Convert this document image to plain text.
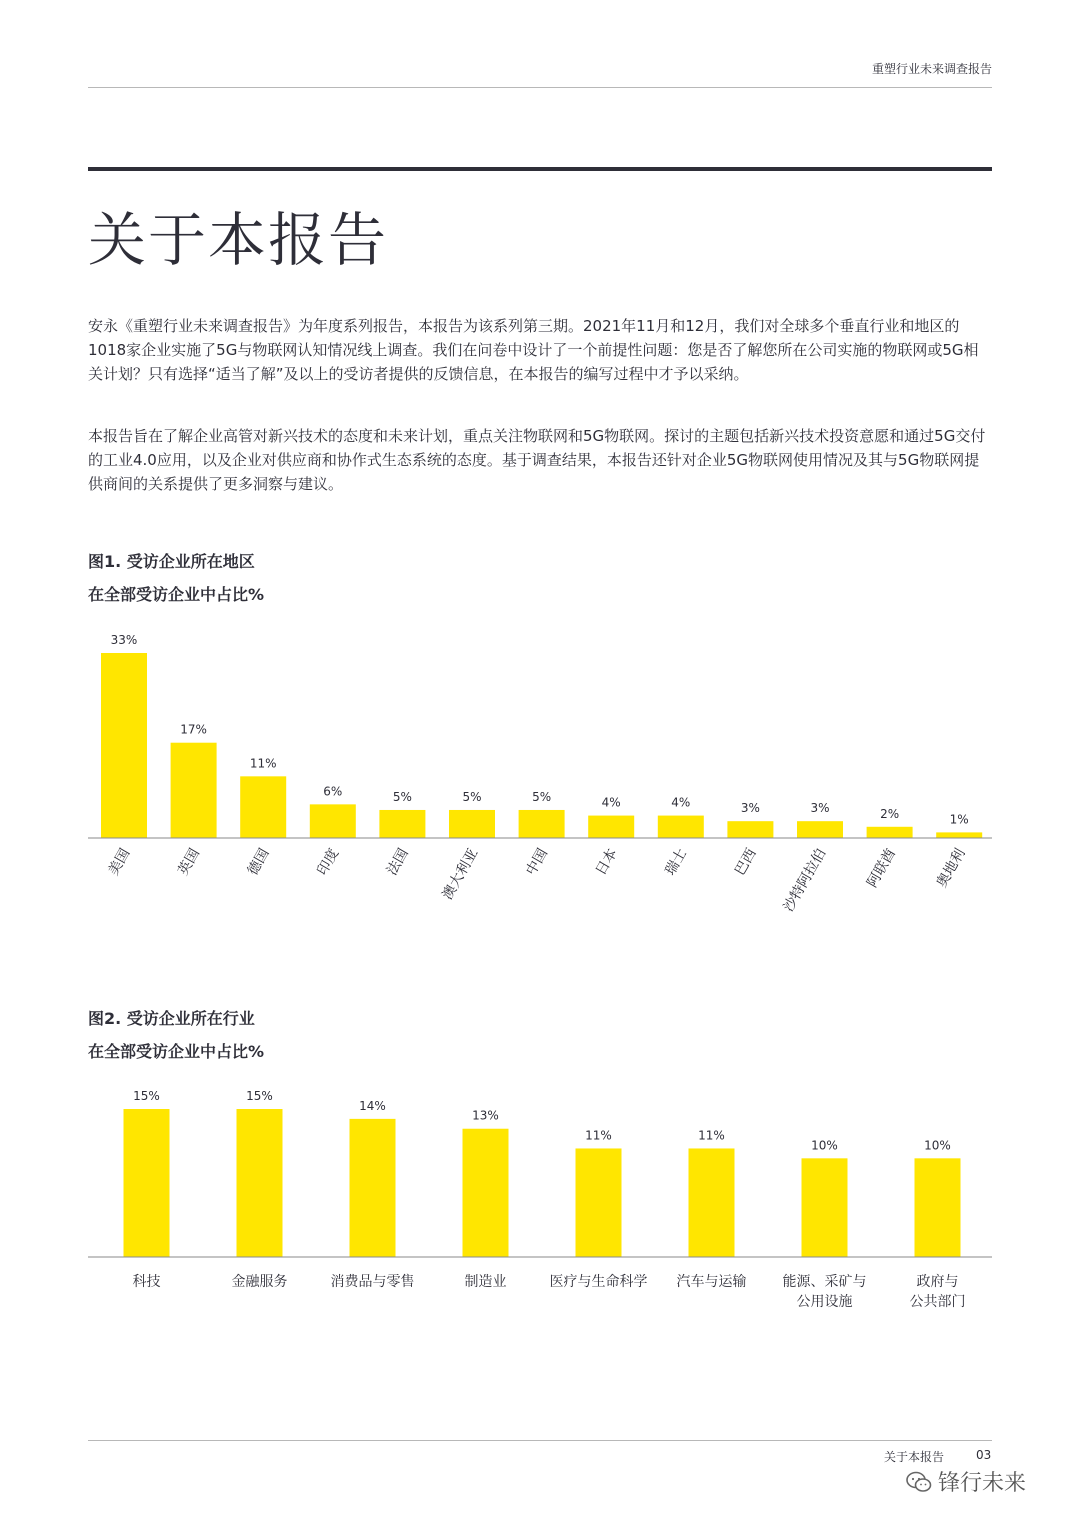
重塑行业未来调查报告
关于本报告

安永《重塑行业未来调查报告》为年度系列报告，本报告为该系列第三期。2021年11月和12月，我们对全球多个垂直行业和地区的1018家企业实施了5G与物联网认知情况线上调查。我们在问卷中设计了一个前提性问题：您是否了解您所在公司实施的物联网或5G相关计划？只有选择“适当了解”及以上的受访者提供的反馈信息，在本报告的编写过程中才予以采纳。

本报告旨在了解企业高管对新兴技术的态度和未来计划，重点关注物联网和5G物联网。探讨的主题包括新兴技术投资意愿和通过5G交付的工业4.0应用，以及企业对供应商和协作式生态系统的态度。基于调查结果，本报告还针对企业5G物联网使用情况及其与5G物联网提供商间的关系提供了更多洞察与建议。

图1. 受访企业所在地区

在全部受访企业中占比%

33%
美国
17%
英国
11%
德国
6%
印度
5%
法国
5%
澳大利亚
5%
中国
4%
日本
4%
瑞士
3%
巴西
3%
沙特阿拉伯
2%
阿联酋
1%
奥地利

图2. 受访企业所在行业

在全部受访企业中占比%

15%
科技
15%
金融服务
14%
消费品与零售
13%
制造业
11%
医疗与生命科学
11%
汽车与运输
10%
能源、采矿与
公用设施
10%
政府与
公共部门
关于本报告	03
锋行未来
